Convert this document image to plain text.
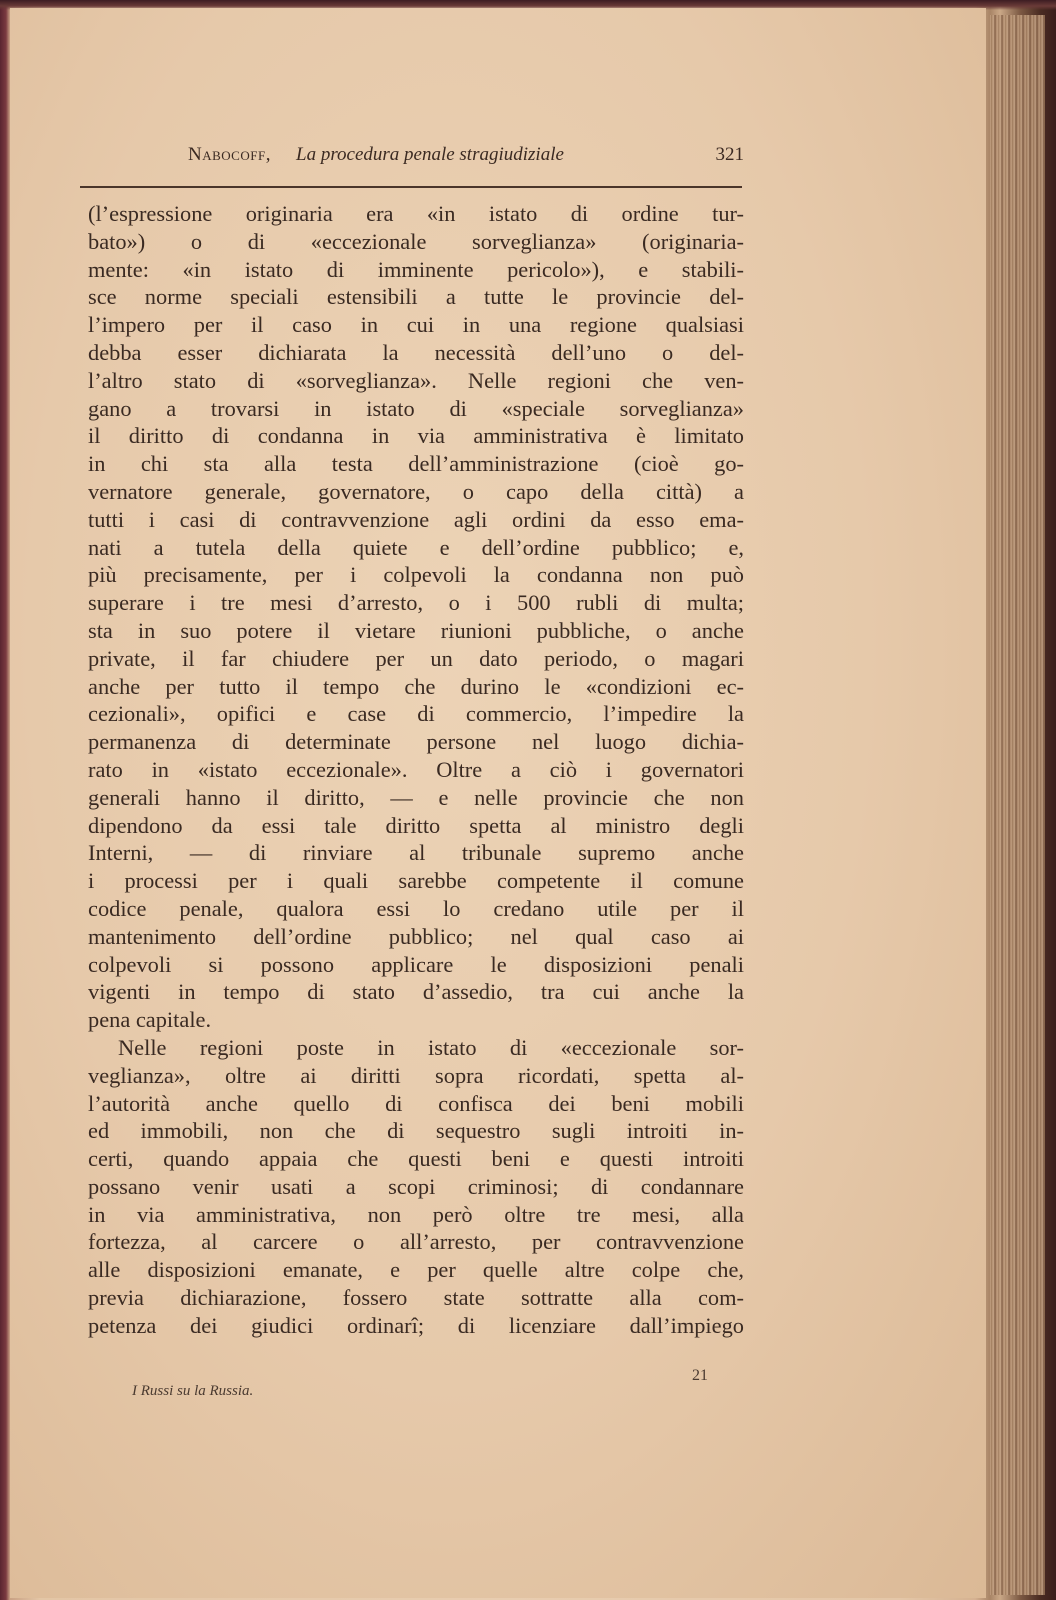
Nabocoff, La procedura penale stragiudiziale	321
(l’espressione originaria era «in istato di ordine tur-
bato») o di «eccezionale sorveglianza» (originaria-
mente: «in istato di imminente pericolo»), e stabili-
sce norme speciali estensibili a tutte le provincie del-
l’impero per il caso in cui in una regione qualsiasi
debba esser dichiarata la necessità dell’uno o del-
l’altro stato di «sorveglianza». Nelle regioni che ven-
gano a trovarsi in istato di «speciale sorveglianza»
il diritto di condanna in via amministrativa è limitato
in chi sta alla testa dell’amministrazione (cioè go-
vernatore generale, governatore, o capo della città) a
tutti i casi di contravvenzione agli ordini da esso ema-
nati a tutela della quiete e dell’ordine pubblico; e,
più precisamente, per i colpevoli la condanna non può
superare i tre mesi d’arresto, o i 500 rubli di multa;
sta in suo potere il vietare riunioni pubbliche, o anche
private, il far chiudere per un dato periodo, o magari
anche per tutto il tempo che durino le «condizioni ec-
cezionali», opifici e case di commercio, l’impedire la
permanenza di determinate persone nel luogo dichia-
rato in «istato eccezionale». Oltre a ciò i governatori
generali hanno il diritto, — e nelle provincie che non
dipendono da essi tale diritto spetta al ministro degli
Interni, — di rinviare al tribunale supremo anche
i processi per i quali sarebbe competente il comune
codice penale, qualora essi lo credano utile per il
mantenimento dell’ordine pubblico; nel qual caso ai
colpevoli si possono applicare le disposizioni penali
vigenti in tempo di stato d’assedio, tra cui anche la
pena capitale.
Nelle regioni poste in istato di «eccezionale sor-
veglianza», oltre ai diritti sopra ricordati, spetta al-
l’autorità anche quello di confisca dei beni mobili
ed immobili, non che di sequestro sugli introiti in-
certi, quando appaia che questi beni e questi introiti
possano venir usati a scopi criminosi; di condannare
in via amministrativa, non però oltre tre mesi, alla
fortezza, al carcere o all’arresto, per contravvenzione
alle disposizioni emanate, e per quelle altre colpe che,
previa dichiarazione, fossero state sottratte alla com-
petenza dei giudici ordinarî; di licenziare dall’impiego
I Russi su la Russia.
21
